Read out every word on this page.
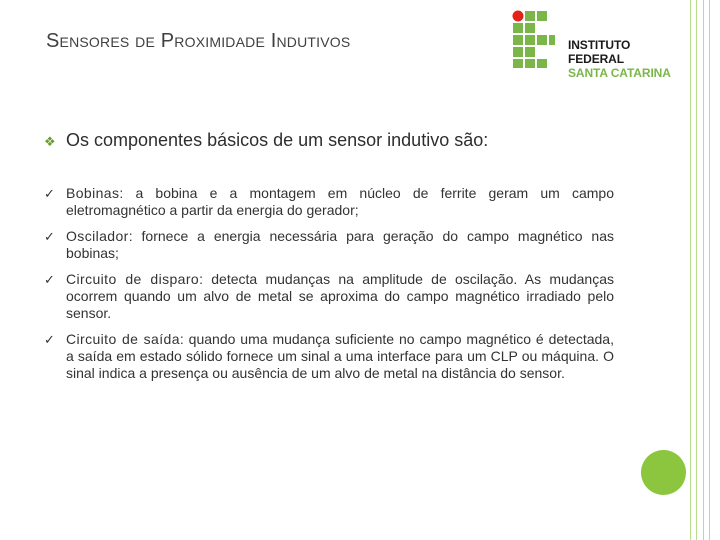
Sensores de Proximidade Indutivos	INSTITUTO FEDERAL
SANTA CATARINA
❖ Os componentes básicos de um sensor indutivo são:
✓ Bobinas: a bobina e a montagem em núcleo de ferrite geram um campo eletromagnético a partir da energia do gerador;
✓ Oscilador: fornece a energia necessária para geração do campo magnético nas bobinas;
✓ Circuito de disparo: detecta mudanças na amplitude de oscilação. As mudanças ocorrem quando um alvo de metal se aproxima do campo magnético irradiado pelo sensor.
✓ Circuito de saída: quando uma mudança suficiente no campo magnético é detectada, a saída em estado sólido fornece um sinal a uma interface para um CLP ou máquina. O sinal indica a presença ou ausência de um alvo de metal na distância do sensor.
